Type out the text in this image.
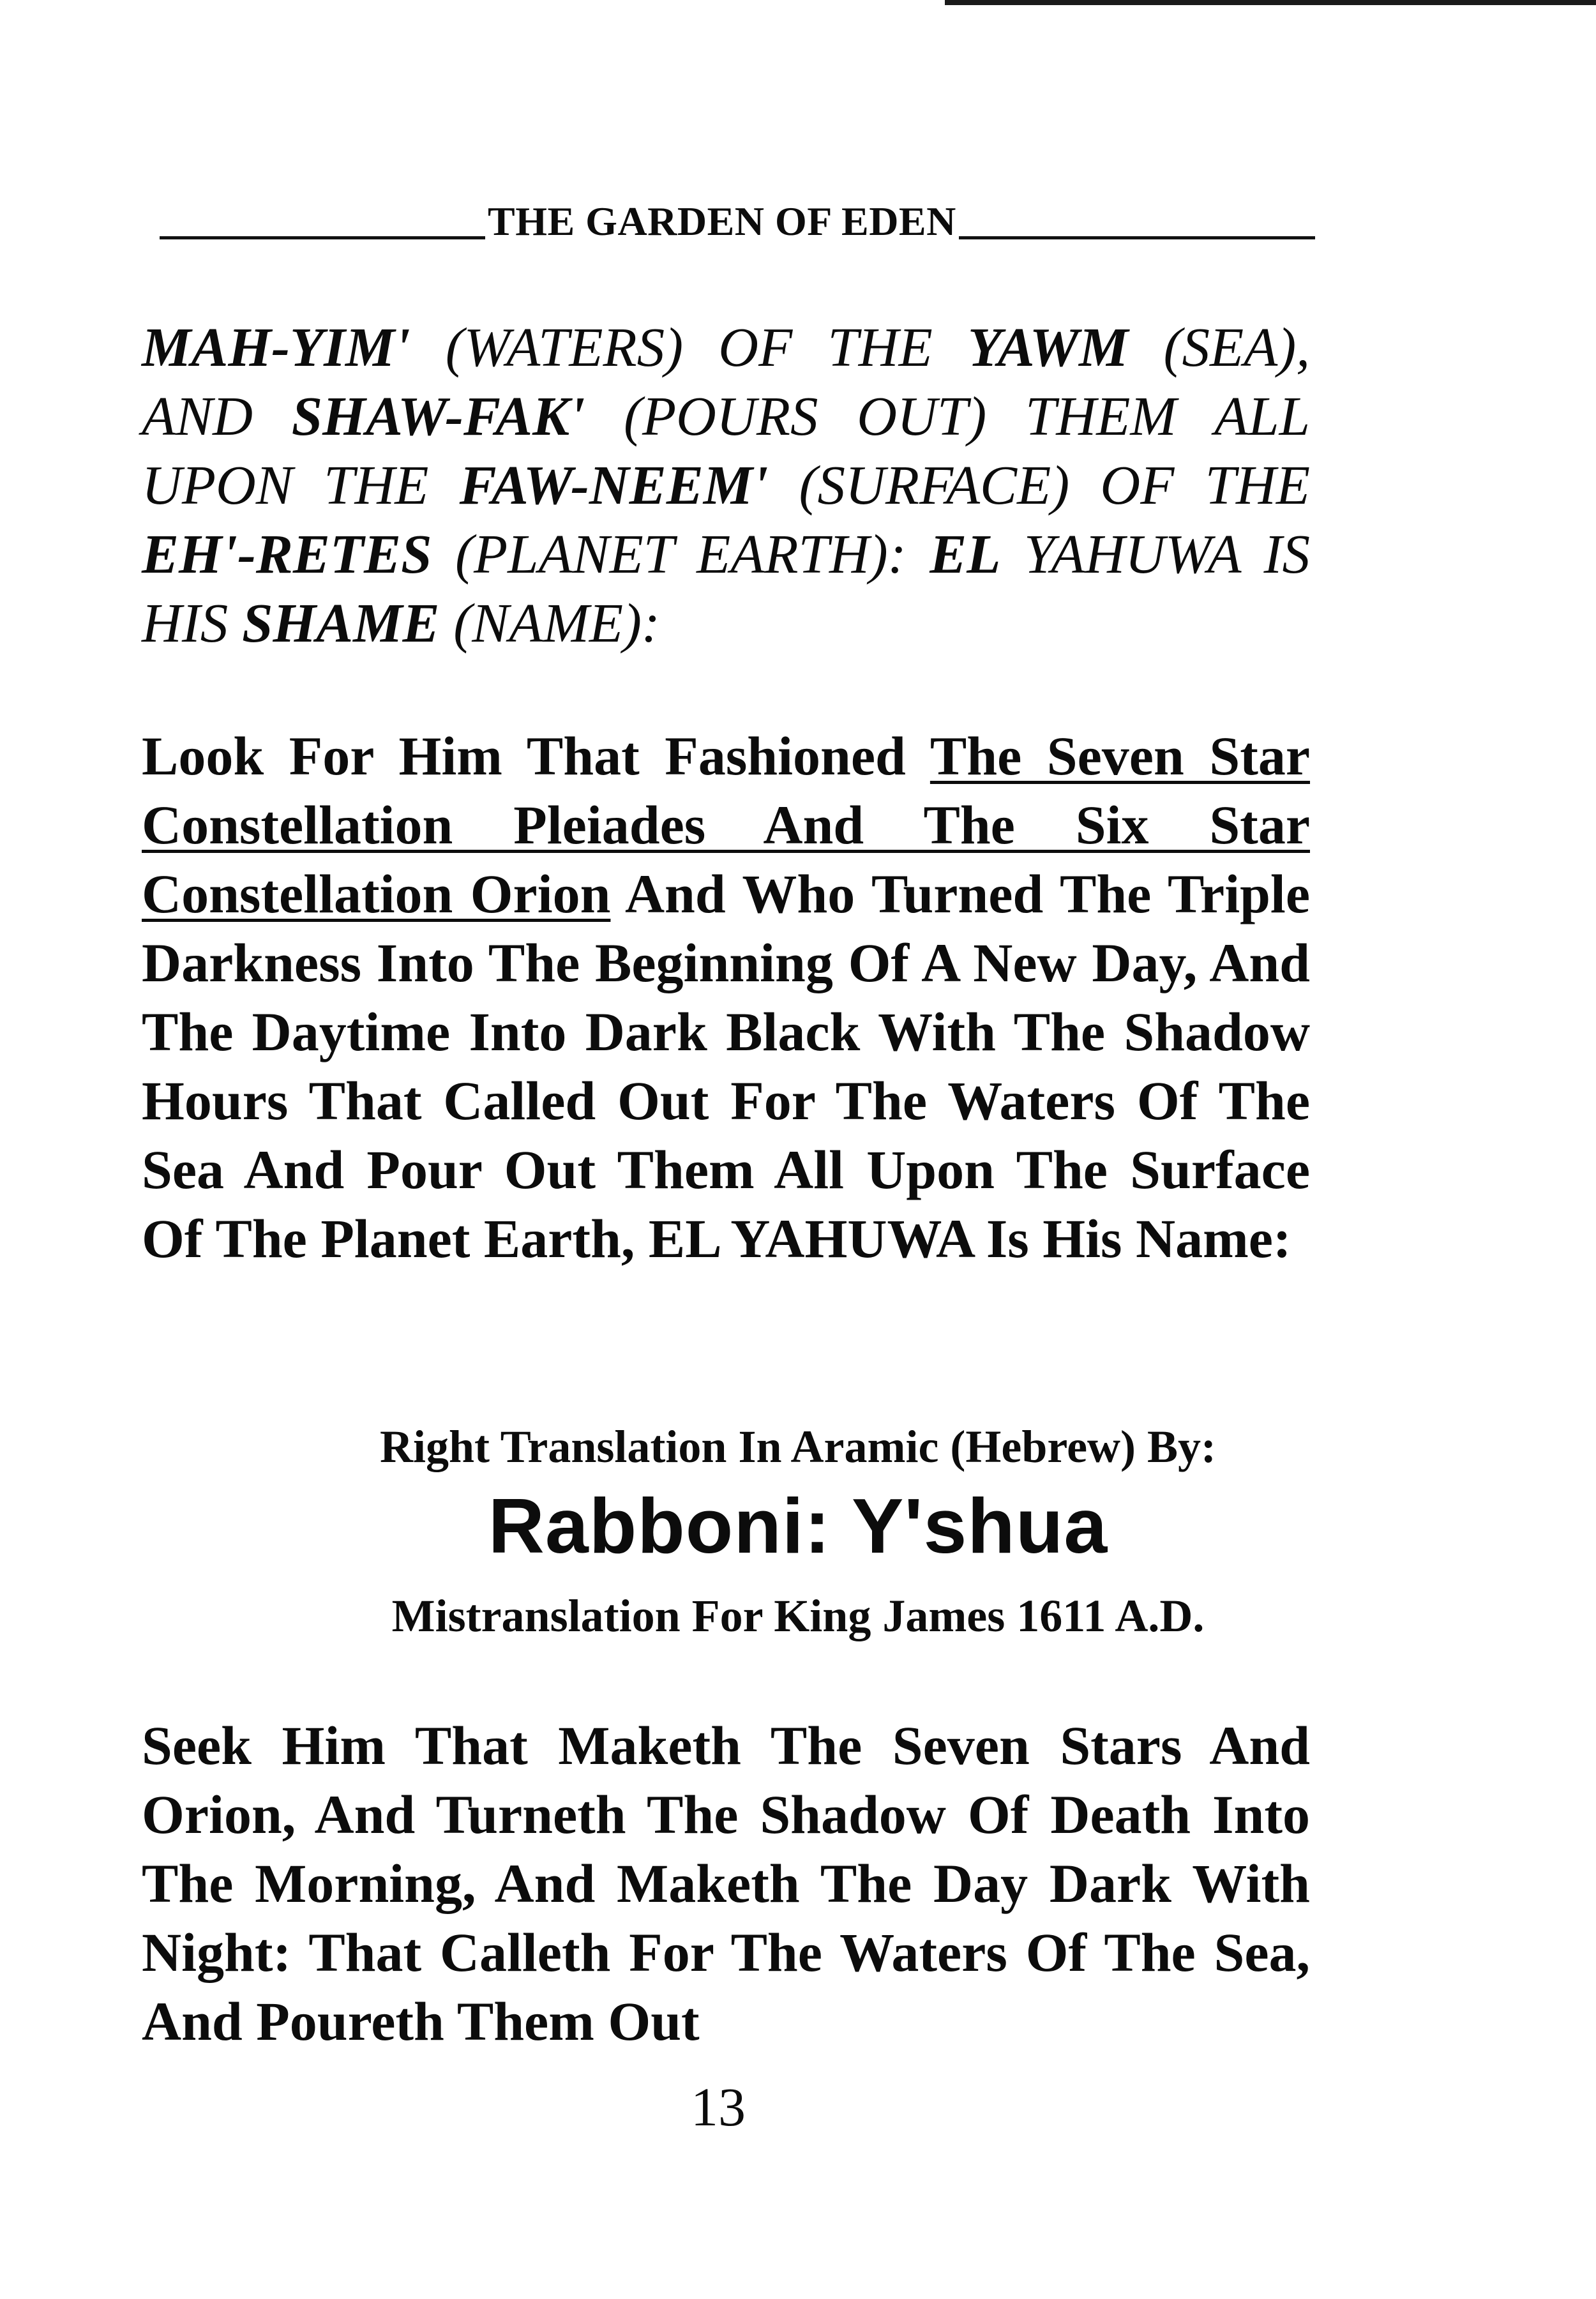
THE GARDEN OF EDEN

MAH-YIM' (WATERS) OF THE YAWM (SEA), AND SHAW-FAK' (POURS OUT) THEM ALL UPON THE FAW-NEEM' (SURFACE) OF THE EH'-RETES (PLANET EARTH): EL YAHUWA IS HIS SHAME (NAME):

Look For Him That Fashioned The Seven Star Constellation Pleiades And The Six Star Constellation Orion And Who Turned The Triple Darkness Into The Beginning Of A New Day, And The Daytime Into Dark Black With The Shadow Hours That Called Out For The Waters Of The Sea And Pour Out Them All Upon The Surface Of The Planet Earth, EL YAHUWA Is His Name:

Right Translation In Aramic (Hebrew) By:

Rabboni: Y'shua

Mistranslation For King James 1611 A.D.

Seek Him That Maketh The Seven Stars And Orion, And Turneth The Shadow Of Death Into The Morning, And Maketh The Day Dark With Night: That Calleth For The Waters Of The Sea, And Poureth Them Out

13
